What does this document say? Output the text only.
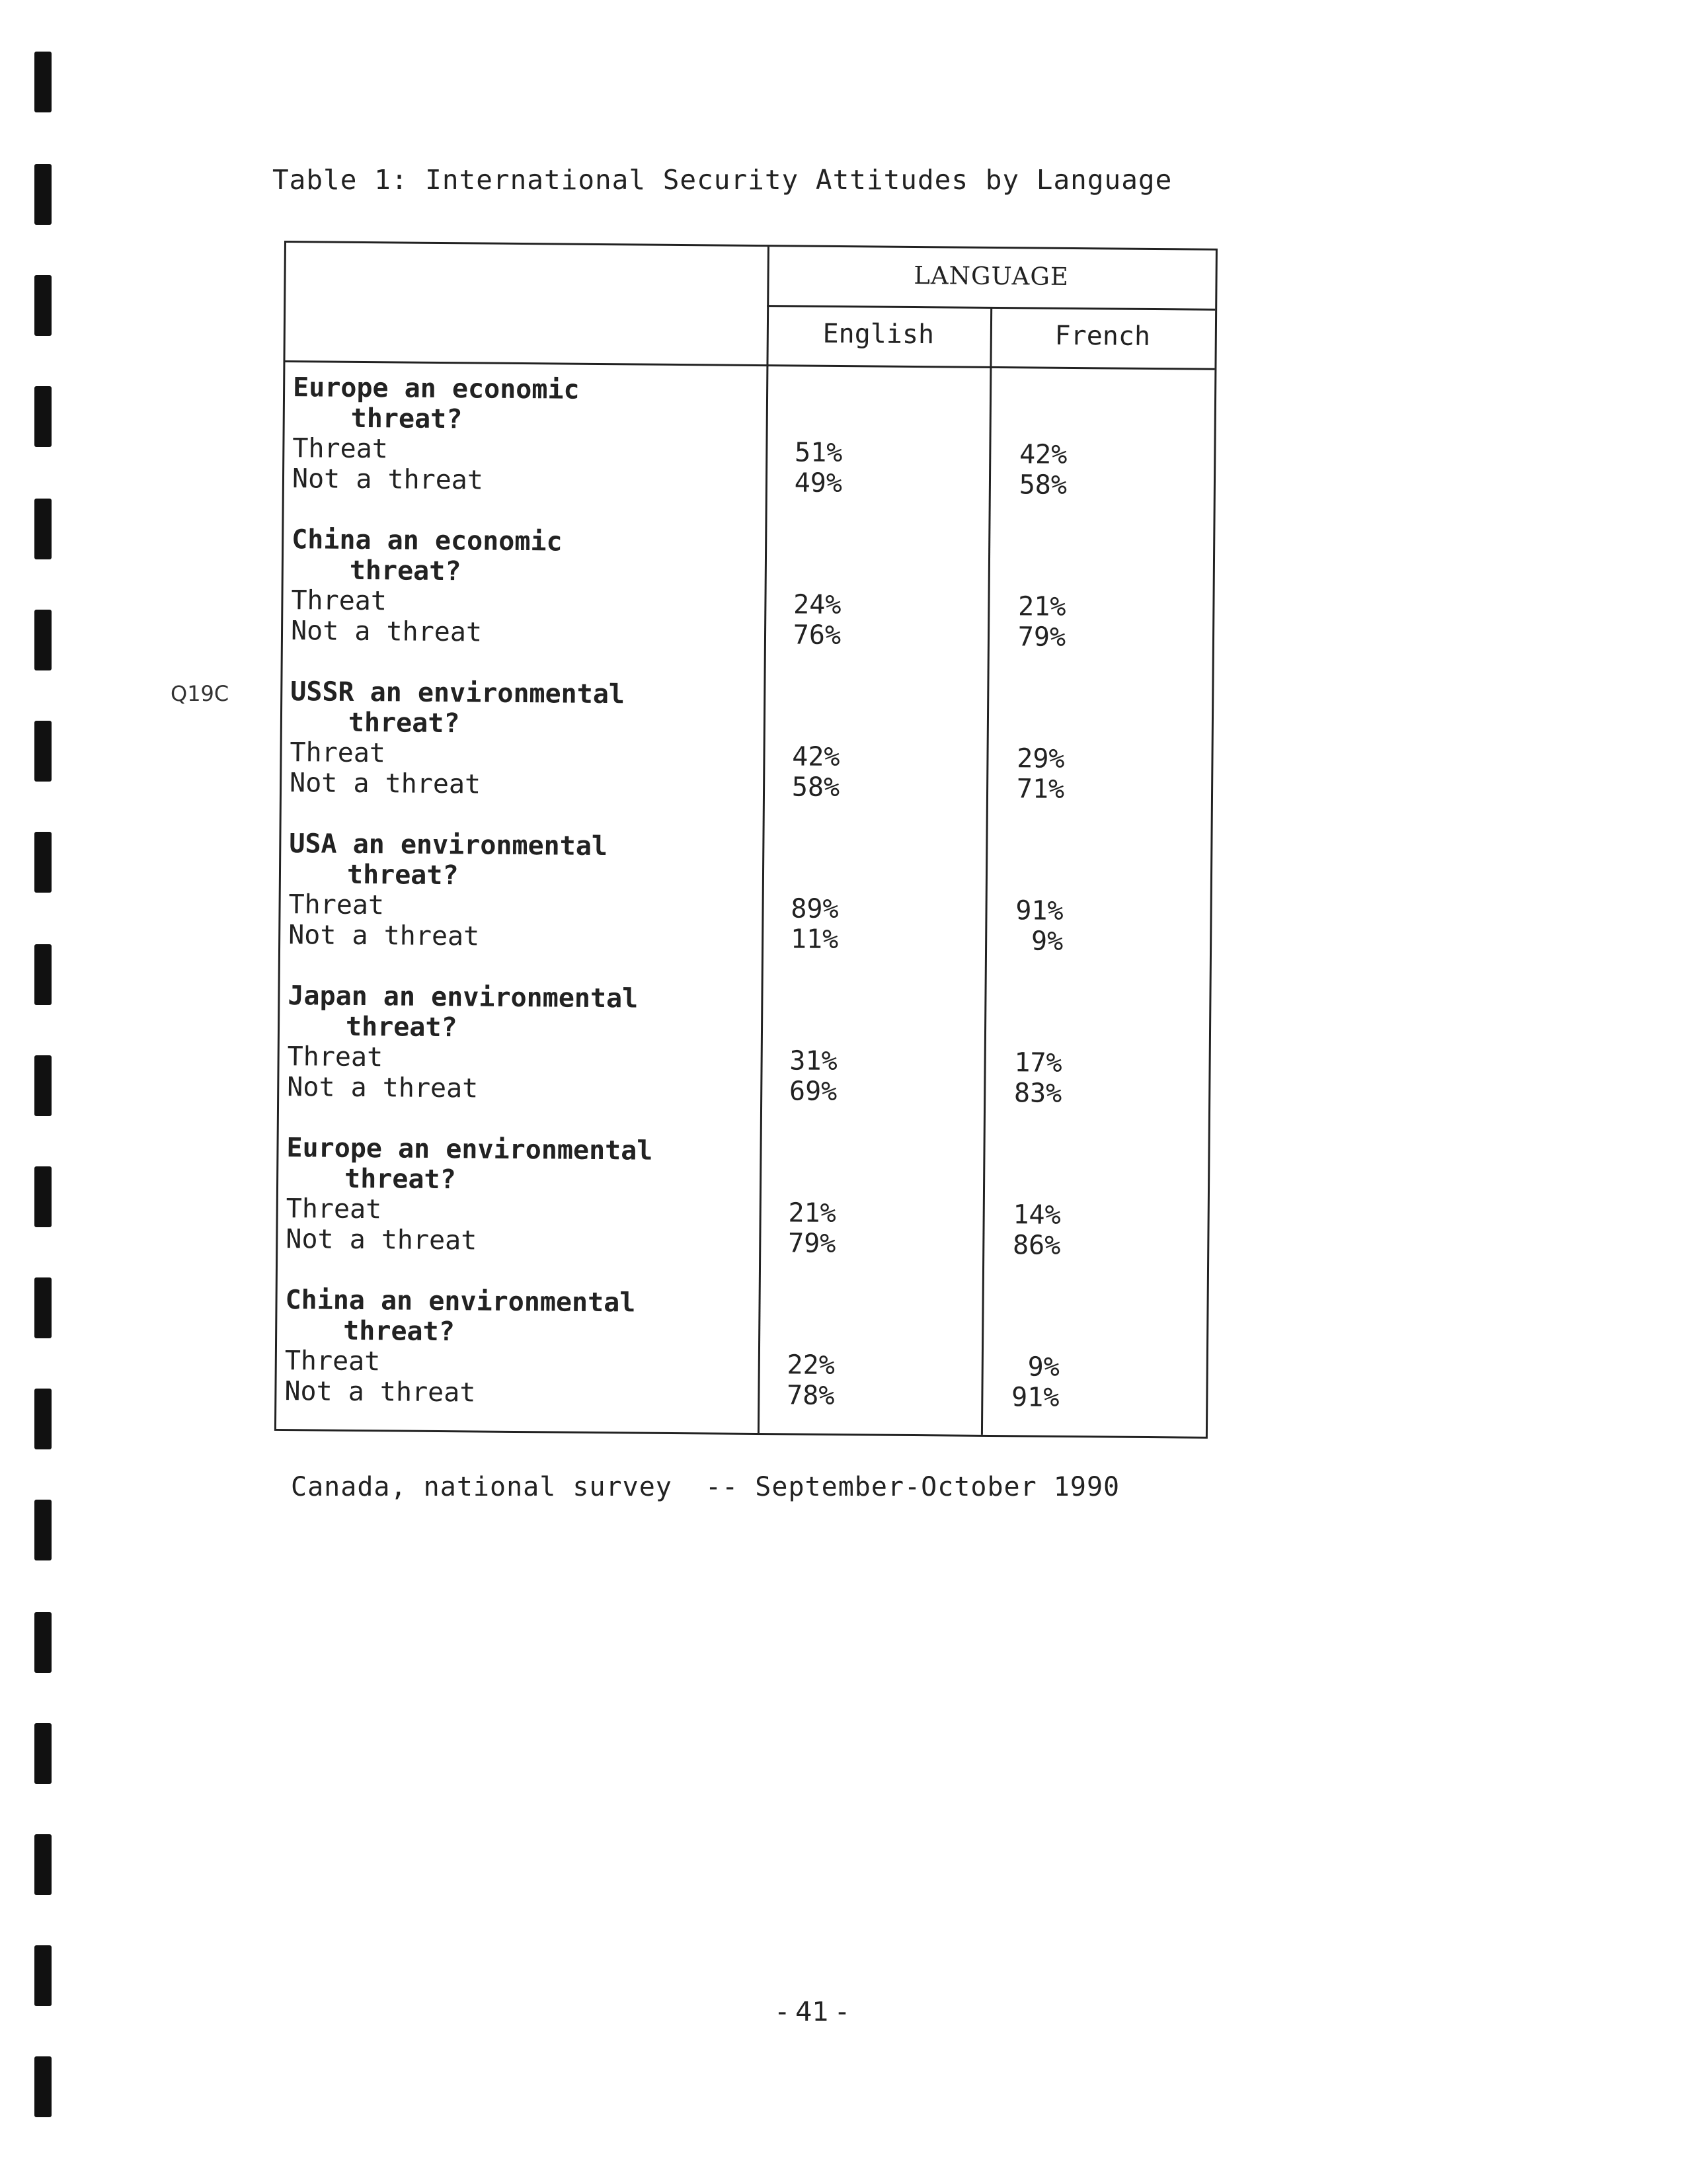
Table 1: International Security Attitudes by Language
Q19C
LANGUAGE
English	French
Europe an economic

threat?
Threat	51%	42%
Not a threat	49%	58%
China an economic

threat?
Threat	24%	21%
Not a threat	76%	79%
USSR an environmental

threat?
Threat	42%	29%
Not a threat	58%	71%
USA an environmental

threat?
Threat	89%	91%
Not a threat	11%	9%
Japan an environmental

threat?
Threat	31%	17%
Not a threat	69%	83%
Europe an environmental

threat?
Threat	21%	14%
Not a threat	79%	86%
China an environmental

threat?
Threat	22%	9%
Not a threat	78%	91%
Canada, national survey  -- September-October 1990
- 41 -
